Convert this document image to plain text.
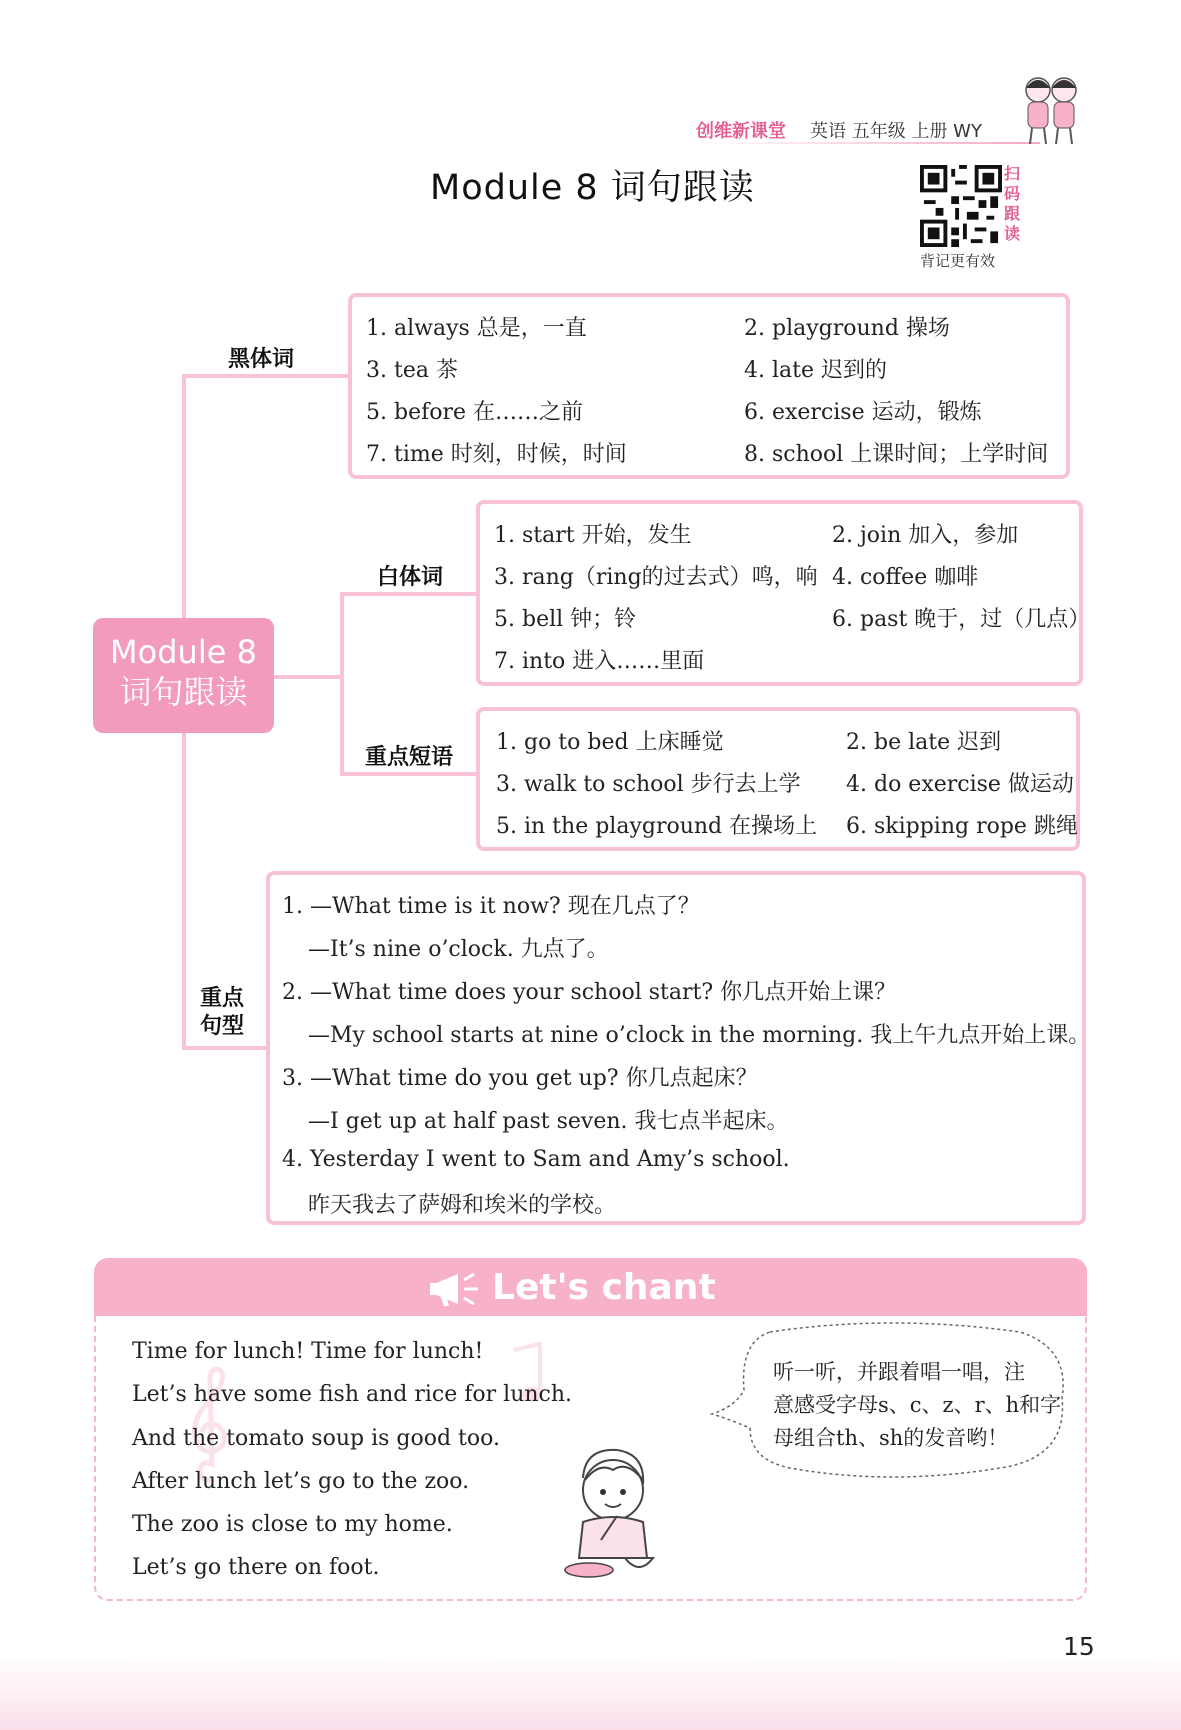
创维新课堂 英语 五年级 上册 WY
Module 8 词句跟读	扫码跟读
背记更有效
Module 8
词句跟读
黑体词
1. always 总是，一直
3. tea 茶
5. before 在……之前
7. time 时刻，时候，时间
2. playground 操场
4. late 迟到的
6. exercise 运动，锻炼
8. school 上课时间；上学时间
白体词
1. start 开始，发生
3. rang（ring的过去式）鸣，响
5. bell 钟；铃
7. into 进入……里面
2. join 加入，参加
4. coffee 咖啡
6. past 晚于，过（几点）
重点短语
1. go to bed 上床睡觉
3. walk to school 步行去上学
5. in the playground 在操场上
2. be late 迟到
4. do exercise 做运动
6. skipping rope 跳绳
重点
句型
1. —What time is it now? 现在几点了？
—It’s nine o’clock. 九点了。
2. —What time does your school start? 你几点开始上课？
—My school starts at nine o’clock in the morning. 我上午九点开始上课。
3. —What time do you get up? 你几点起床？
—I get up at half past seven. 我七点半起床。
4. Yesterday I went to Sam and Amy’s school.
昨天我去了萨姆和埃米的学校。
Let's chant
Time for lunch! Time for lunch!
Let’s have some fish and rice for lunch.
And the tomato soup is good too.
After lunch let’s go to the zoo.
The zoo is close to my home.
Let’s go there on foot.
听一听，并跟着唱一唱，注
意感受字母s、c、z、r、h和字
母组合th、sh的发音哟！
15
